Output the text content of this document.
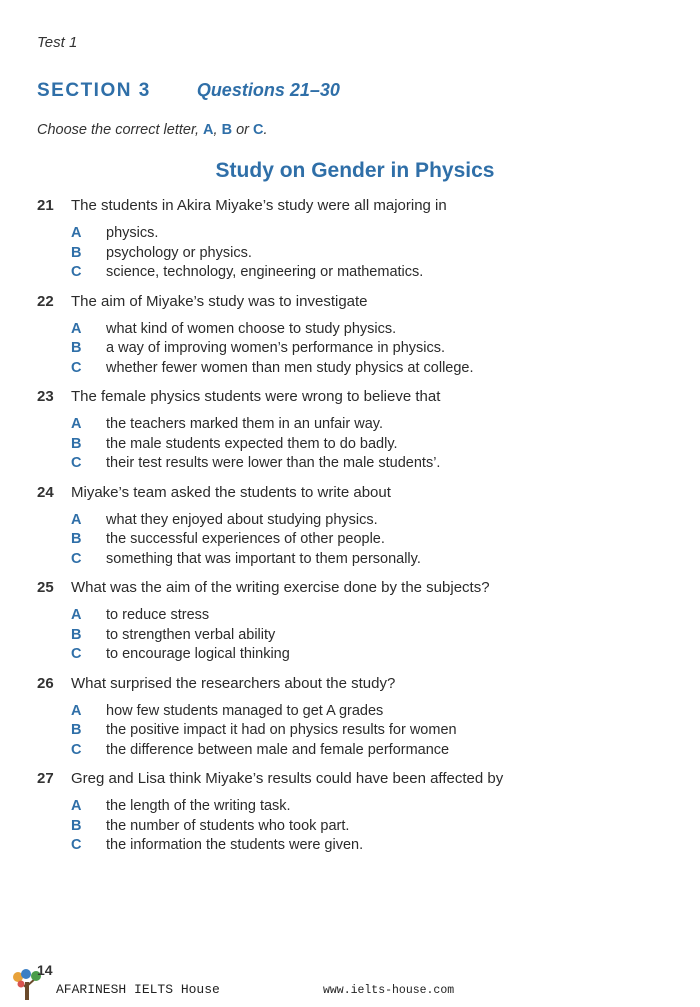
Test 1
SECTION 3	Questions 21–30
Choose the correct letter, A, B or C.
Study on Gender in Physics
21	The students in Akira Miyake’s study were all majoring in
A	physics.
B	psychology or physics.
C	science, technology, engineering or mathematics.
22	The aim of Miyake’s study was to investigate
A	what kind of women choose to study physics.
B	a way of improving women’s performance in physics.
C	whether fewer women than men study physics at college.
23	The female physics students were wrong to believe that
A	the teachers marked them in an unfair way.
B	the male students expected them to do badly.
C	their test results were lower than the male students’.
24	Miyake’s team asked the students to write about
A	what they enjoyed about studying physics.
B	the successful experiences of other people.
C	something that was important to them personally.
25	What was the aim of the writing exercise done by the subjects?
A	to reduce stress
B	to strengthen verbal ability
C	to encourage logical thinking
26	What surprised the researchers about the study?
A	how few students managed to get A grades
B	the positive impact it had on physics results for women
C	the difference between male and female performance
27	Greg and Lisa think Miyake’s results could have been affected by
A	the length of the writing task.
B	the number of students who took part.
C	the information the students were given.
14
AFARINESH IELTS House	www.ielts-house.com
